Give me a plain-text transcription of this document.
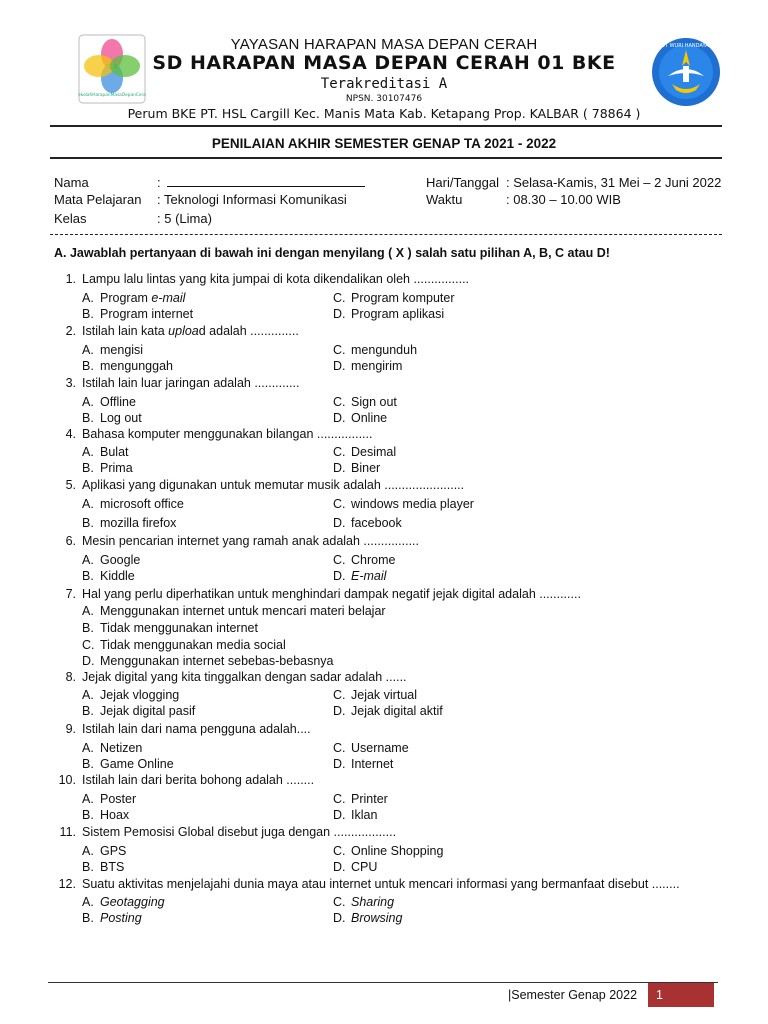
SekolahHarapanMasaDepanCerah
TUT WURI HANDAYANI
YAYASAN HARAPAN MASA DEPAN CERAH
SD HARAPAN MASA DEPAN CERAH 01 BKE
Terakreditasi A
NPSN. 30107476
Perum BKE PT. HSL Cargill Kec. Manis Mata Kab. Ketapang Prop. KALBAR ( 78864 )
PENILAIAN AKHIR SEMESTER GENAP TA 2021 - 2022
Nama	:
Mata Pelajaran : Teknologi Informasi Komunikasi
Kelas	: 5 (Lima)
Hari/Tanggal : Selasa-Kamis, 31 Mei – 2 Juni 2022
Waktu	: 08.30 – 10.00 WIB
A. Jawablah pertanyaan di bawah ini dengan menyilang ( X ) salah satu pilihan A, B, C atau D!
1. Lampu lalu lintas yang kita jumpai di kota dikendalikan oleh ................
A. Program e-mail	C. Program komputer
B. Program internet	D. Program aplikasi
2. Istilah lain kata upload adalah ..............
A. mengisi	C. mengunduh
B. mengunggah	D. mengirim
3. Istilah lain luar jaringan adalah .............
A. Offline	C. Sign out
B. Log out	D. Online
4. Bahasa komputer menggunakan bilangan ................
A. Bulat	C. Desimal
B. Prima	D. Biner
5. Aplikasi yang digunakan untuk memutar musik adalah .......................
A. microsoft office	C. windows media player
B. mozilla firefox	D. facebook
6. Mesin pencarian internet yang ramah anak adalah ................
A. Google	C. Chrome
B. Kiddle	D. E-mail
7. Hal yang perlu diperhatikan untuk menghindari dampak negatif jejak digital adalah ............
A. Menggunakan internet untuk mencari materi belajar
B. Tidak menggunakan internet
C. Tidak menggunakan media social
D. Menggunakan internet sebebas-bebasnya
8. Jejak digital yang kita tinggalkan dengan sadar adalah ......
A. Jejak vlogging	C. Jejak virtual
B. Jejak digital pasif	D. Jejak digital aktif
9. Istilah lain dari nama pengguna adalah....
A. Netizen	C. Username
B. Game Online	D. Internet
10. Istilah lain dari berita bohong adalah ........
A. Poster	C. Printer
B. Hoax	D. Iklan
11. Sistem Pemosisi Global disebut juga dengan ..................
A. GPS	C. Online Shopping
B. BTS	D. CPU
12. Suatu aktivitas menjelajahi dunia maya atau internet untuk mencari informasi yang bermanfaat disebut ........
A. Geotagging	C. Sharing
B. Posting	D. Browsing
|Semester Genap 2022 1
